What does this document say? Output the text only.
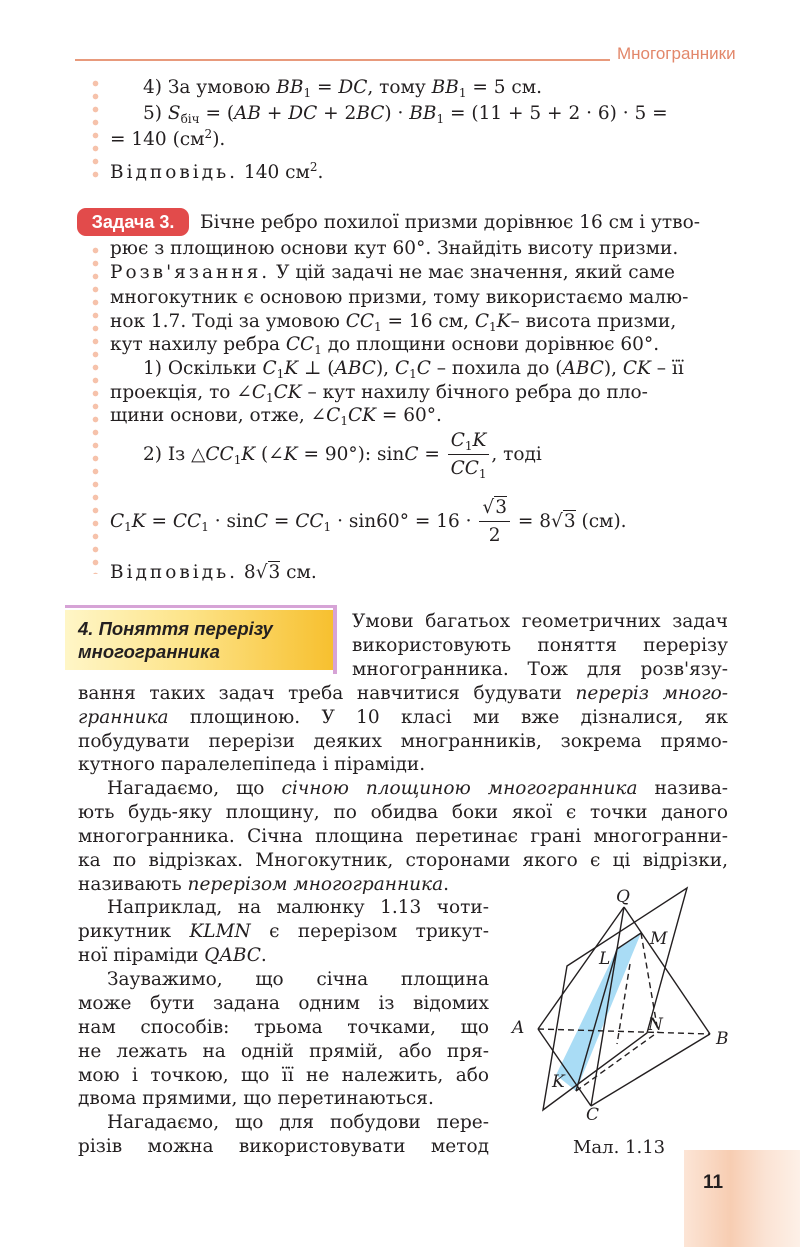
Многогранники
4) За умовою $BB_1$ = DC, тому $BB_1 = 5$ см.
5) $S_{біч} = (AB$ + DC + $2BC) \cdot BB_1 = (11 + 5 + 2 \cdot 6) \cdot 5$ =
= 140 $(см^2)$.
Відповідь. 140 $см^2$.
Задача 3.	Бічне ребро похилої призми дорівнює 16 см і утво-
рює з площиною основи кут 60°. Знайдіть висоту призми.
Розв'язання. У цій задачі не має значення, який саме
многокутник є основою призми, тому використаємо малю-
нок 1.7. Тоді за умовою $CC_1 = 16$ см, $C_1K-$ висота призми,
кут нахилу ребра $CC_1$ до площини основи дорівнює 60°.
1) Оскільки $C_1K$ ⊥ (ABC), $C_1C$ – похила до (ABC), CK – її
проекція, то $\angle C_1CK$ – кут нахилу бічного ребра до пло-
щини основи, отже, $\angle C_1CK = 60^\circ$.
2) Із $\triangle CC_1K$ (∠K = 90°): $\sin C = \frac{C_1K}{CC_1}$ , тоді
$C_1K = CC_1 \cdot \sin C = CC_1 \cdot \sin 60^\circ = 16 \cdot \frac{√3}{2} = 8√3$ (см).
Відповідь. 8√3 см.
4. Поняття перерізу
многогранника
Умови багатьох геометричних задач
використовують поняття перерізу
многогранника. Тож для розв'язу-
вання таких задач треба навчитися будувати переріз много-
гранника площиною. У 10 класі ми вже дізналися, як
побудувати перерізи деяких многранників, зокрема прямо-
кутного паралелепіпеда і піраміди.
Нагадаємо, що січною площиною многогранника назива-
ють будь-яку площину, по обидва боки якої є точки даного
многогранника. Січна площина перетинає грані многогранни-
ка по відрізках. Многокутник, сторонами якого є ці відрізки,
називають перерізом многогранника.
Наприклад, на малюнку 1.13 чоти-
рикутник KLMN є перерізом трикут-
ної піраміди QABC.
Зауважимо, що січна площина
може бути задана одним із відомих
нам способів: трьома точками, що
не лежать на одній прямій, або пря-
мою і точкою, що її не належить, або
двома прямими, що перетинаються.
Нагадаємо, що для побудови пере-
різів можна використовувати метод
Q
M
L
A	N
B
K
C
Мал. 1.13
11
